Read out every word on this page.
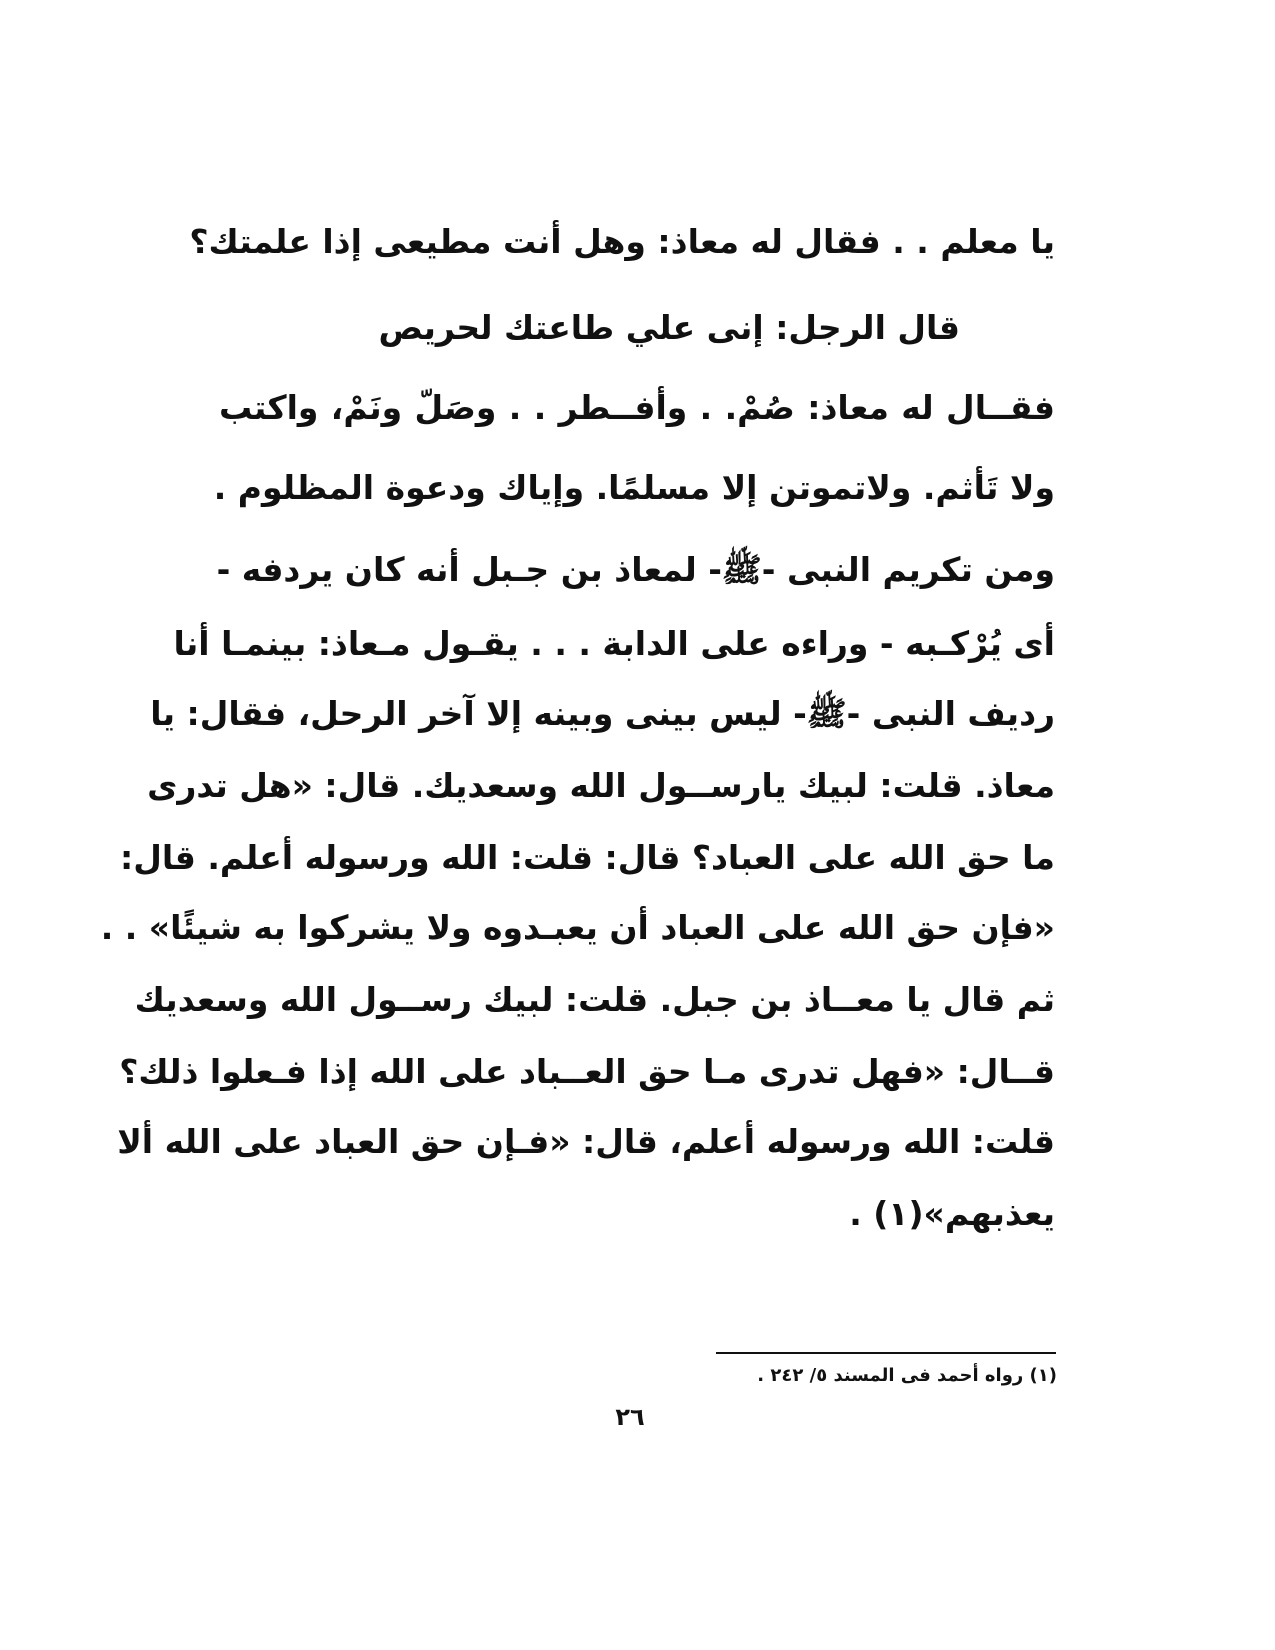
يا معلم . . فقال له معاذ: وهل أنت مطيعى إذا علمتك؟
قال الرجل: إنى علي طاعتك لحريص
فقــال له معاذ: صُمْ. . وأفــطر . . وصَلّ ونَمْ، واكتب
ولا تَأثم. ولاتموتن إلا مسلمًا. وإياك ودعوة المظلوم .
ومن تكريم النبى -ﷺ- لمعاذ بن جـبل أنه كان يردفه -
أى يُرْكـبه - وراءه على الدابة . . . يقـول مـعاذ: بينمـا أنا
رديف النبى -ﷺ- ليس بينى وبينه إلا آخر الرحل، فقال: يا
معاذ. قلت: لبيك يارســول الله وسعديك. قال: «هل تدرى
ما حق الله على العباد؟ قال: قلت: الله ورسوله أعلم. قال:
«فإن حق الله على العباد أن يعبـدوه ولا يشركوا به شيئًا» . .
ثم قال يا معــاذ بن جبل. قلت: لبيك رســول الله وسعديك
قــال: «فهل تدرى مـا حق العــباد على الله إذا فـعلوا ذلك؟
قلت: الله ورسوله أعلم، قال: «فـإن حق العباد على الله ألا
يعذبهم»(١) .
(١) رواه أحمد فى المسند ٥/ ٢٤٢ .
٢٦
